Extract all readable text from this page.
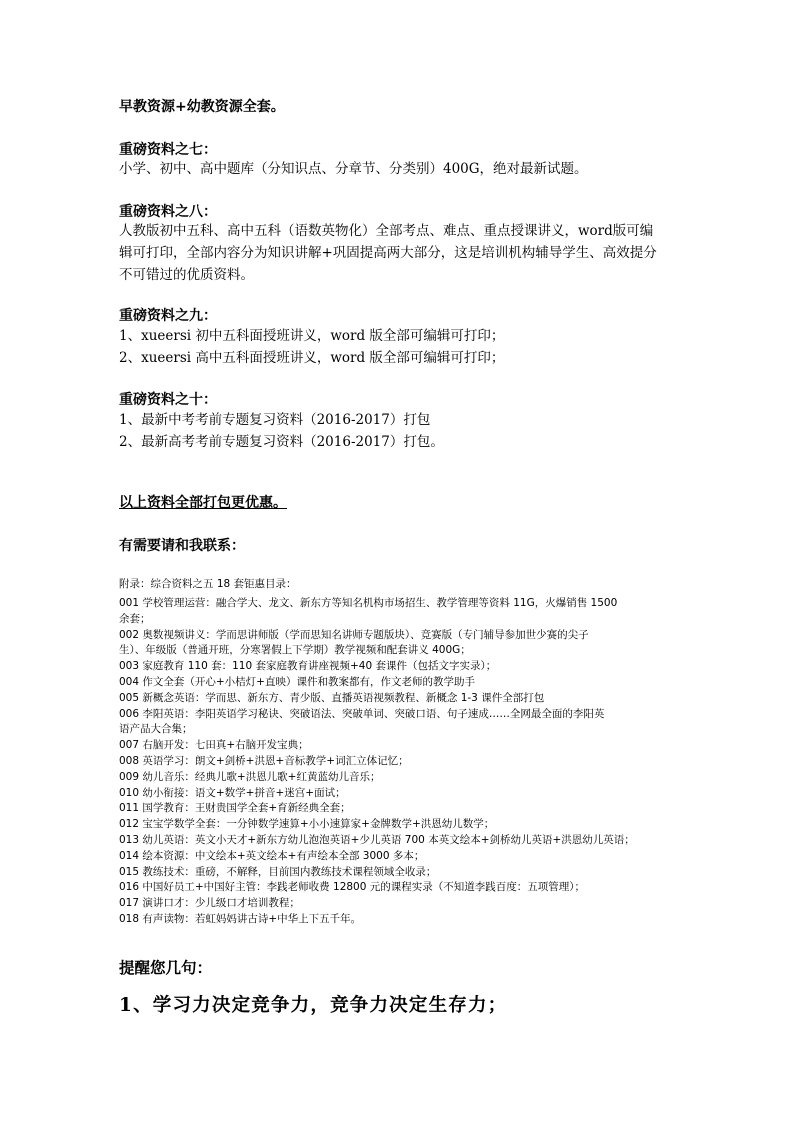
早教资源+幼教资源全套。
重磅资料之七：
小学、初中、高中题库（分知识点、分章节、分类别）400G，绝对最新试题。
重磅资料之八：
人教版初中五科、高中五科（语数英物化）全部考点、难点、重点授课讲义，word版可编
辑可打印，全部内容分为知识讲解+巩固提高两大部分，这是培训机构辅导学生、高效提分
不可错过的优质资料。
重磅资料之九：
1、xueersi 初中五科面授班讲义，word 版全部可编辑可打印；
2、xueersi 高中五科面授班讲义，word 版全部可编辑可打印；
重磅资料之十：
1、最新中考考前专题复习资料（2016-2017）打包
2、最新高考考前专题复习资料（2016-2017）打包。
以上资料全部打包更优惠。
有需要请和我联系：
附录：综合资料之五 18 套钜惠目录：
001 学校管理运营：融合学大、龙文、新东方等知名机构市场招生、教学管理等资料 11G，火爆销售 1500
余套；
002 奥数视频讲义：学而思讲师版（学而思知名讲师专题版块）、竞赛版（专门辅导参加世少赛的尖子
生）、年级版（普通开班，分寒署假上下学期）教学视频和配套讲义 400G；
003 家庭教育 110 套：110 套家庭教育讲座视频+40 套课件（包括文字实录）；
004 作文全套（开心+小桔灯+直映）课件和教案都有，作文老师的教学助手
005 新概念英语：学而思、新东方、青少版、直播英语视频教程、新概念 1-3 课件全部打包
006 李阳英语：李阳英语学习秘诀、突破语法、突破单词、突破口语、句子速成……全网最全面的李阳英
语产品大合集；
007 右脑开发：七田真+右脑开发宝典；
008 英语学习：朗文+剑桥+洪恩+音标教学+词汇立体记忆；
009 幼儿音乐：经典儿歌+洪恩儿歌+红黄蓝幼儿音乐；
010 幼小衔接：语文+数学+拼音+迷宫+面试；
011 国学教育：王财贵国学全套+育新经典全套；
012 宝宝学数学全套：一分钟数学速算+小小速算家+金牌数学+洪恩幼儿数学；
013 幼儿英语：英文小天才+新东方幼儿泡泡英语+少儿英语 700 本英文绘本+剑桥幼儿英语+洪恩幼儿英语；
014 绘本资源：中文绘本+英文绘本+有声绘本全部 3000 多本；
015 教练技术：重磅，不解释，目前国内教练技术课程领域全收录；
016 中国好员工+中国好主管：李践老师收费 12800 元的课程实录（不知道李践百度：五项管理）；
017 演讲口才：少儿级口才培训教程；
018 有声读物：若虹妈妈讲古诗+中华上下五千年。
提醒您几句：
1、学习力决定竞争力，竞争力决定生存力；
